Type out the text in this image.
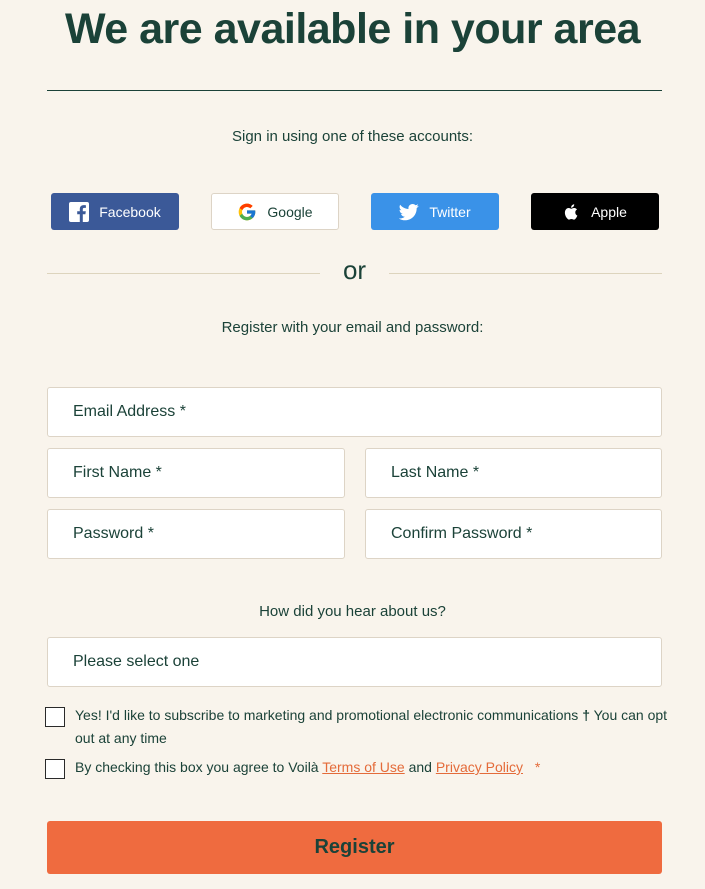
We are available in your area
Sign in using one of these accounts:
Facebook	Google	Twitter	Apple
or
Register with your email and password:
Email Address *
First Name *	Last Name *
Password *	Confirm Password *
How did you hear about us?
Please select one
Yes! I'd like to subscribe to marketing and promotional electronic communications † You can opt out at any time
By checking this box you agree to Voilà Terms of Use and Privacy Policy *
Register
